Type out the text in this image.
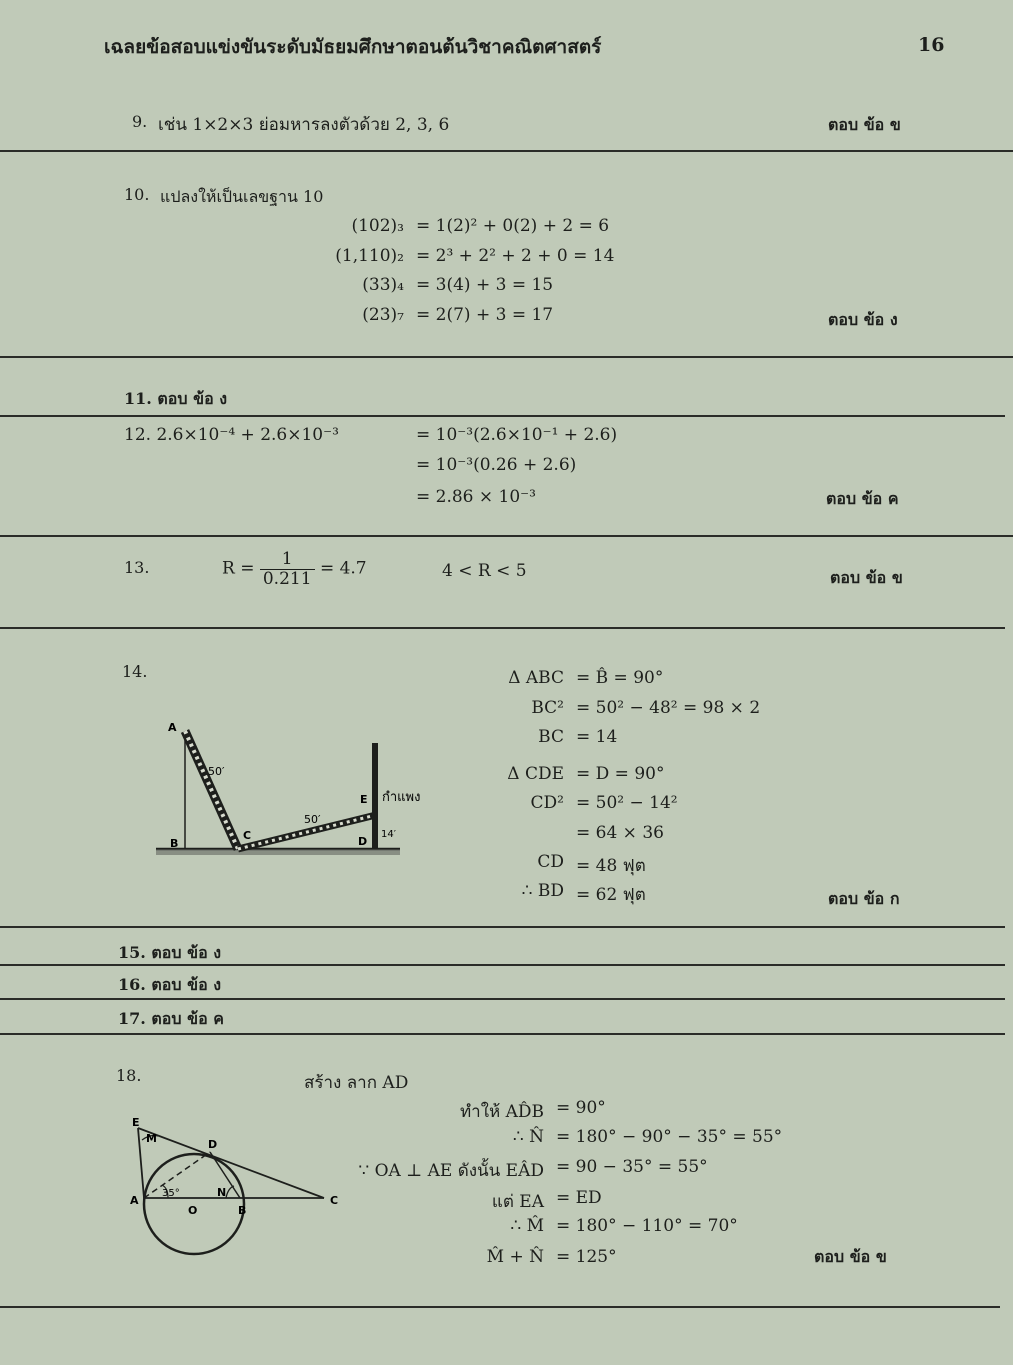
เฉลยข้อสอบแข่งขันระดับมัธยมศึกษาตอนต้นวิชาคณิตศาสตร์	16
9. เช่น 1×2×3 ย่อมหารลงตัวด้วย 2, 3, 6	ตอบ ข้อ ข
10. แปลงให้เป็นเลขฐาน 10
(102)₃ = 1(2)² + 0(2) + 2 = 6
(1,110)₂ = 2³ + 2² + 2 + 0 = 14
(33)₄ = 3(4) + 3 = 15
(23)₇ = 2(7) + 3 = 17	ตอบ ข้อ ง
11. ตอบ ข้อ ง
12. 2.6×10⁻⁴ + 2.6×10⁻³	= 10⁻³(2.6×10⁻¹ + 2.6)
= 10⁻³(0.26 + 2.6)
= 2.86 × 10⁻³	ตอบ ข้อ ค
13.	$R = \frac{1}{0.211} = 4.7$	4 < R < 5	ตอบ ข้อ ข
14.
A
B
C	D
E
50′
50′
14′
กำแพง
Δ ABC = B̂ = 90°
BC² = 50² − 48² = 98 × 2
BC = 14
Δ CDE = D = 90°
CD² = 50² − 14²
= 64 × 36
CD = 48 ฟุต
∴ BD = 62 ฟุต	ตอบ ข้อ ก
15. ตอบ ข้อ ง
16. ตอบ ข้อ ง
17. ตอบ ข้อ ค
18.	สร้าง ลาก AD
E
M	D
A
35°	N
O	B
C
ทำให้ AD̂B = 90°
∴ N̂ = 180° − 90° − 35° = 55°
∵ OA ⊥ AE ดังนั้น EÂD = 90 − 35° = 55°
แต่ EA = ED
∴ M̂ = 180° − 110° = 70°
M̂ + N̂ = 125°	ตอบ ข้อ ข
